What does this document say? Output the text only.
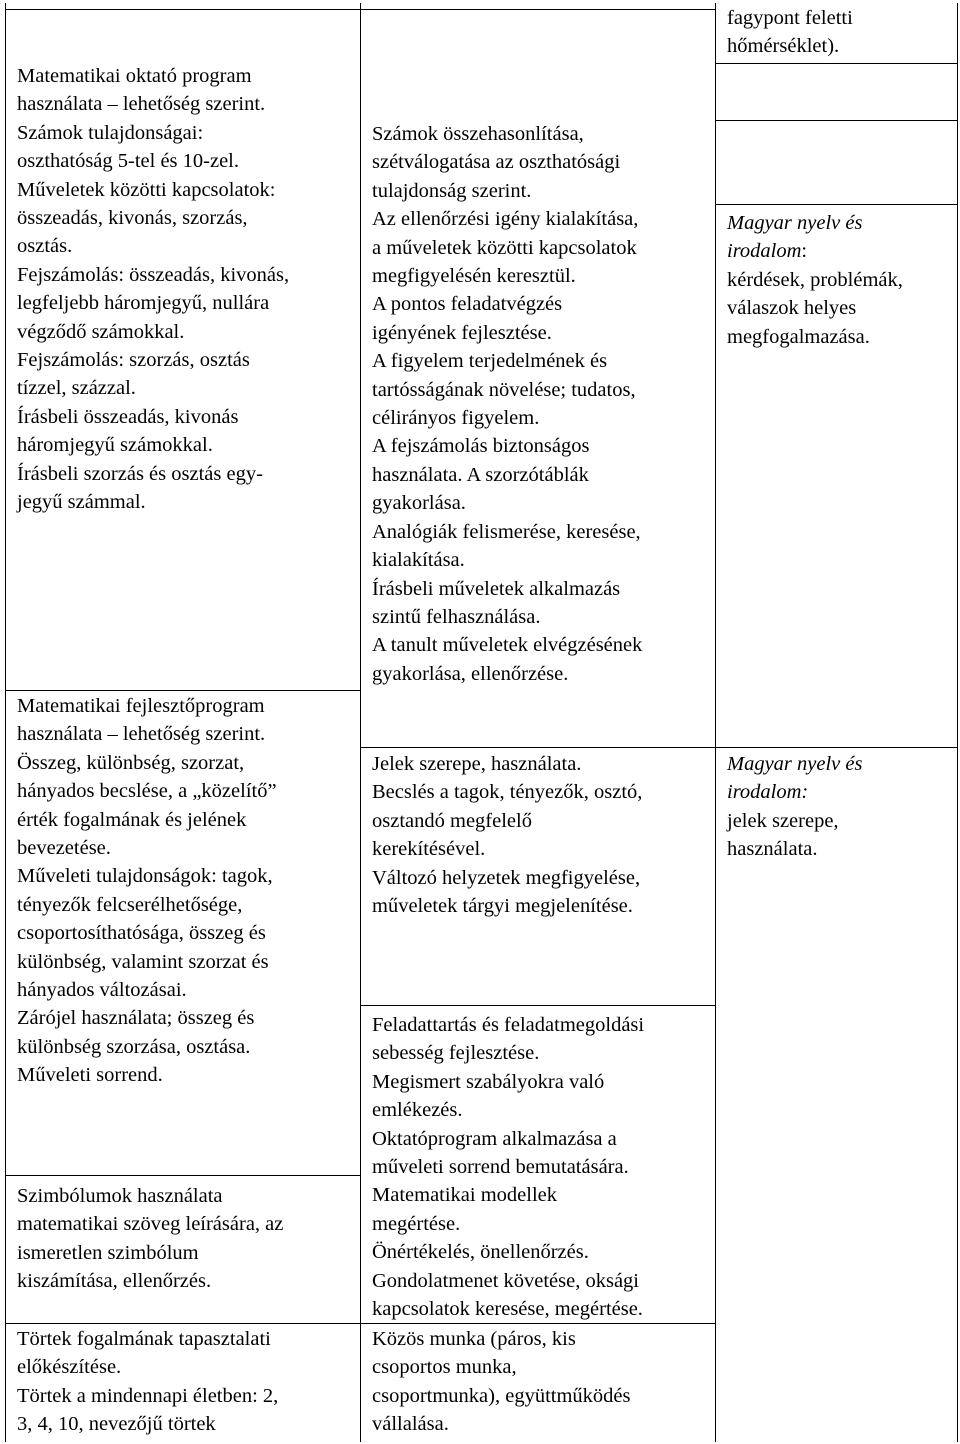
Matematikai oktató program
használata – lehetőség szerint.

Számok tulajdonságai:
oszthatóság 5-tel és 10-zel.

Műveletek közötti kapcsolatok:
összeadás, kivonás, szorzás,
osztás.

Fejszámolás: összeadás, kivonás,
legfeljebb háromjegyű, nullára
végződő számokkal.

Fejszámolás: szorzás, osztás
tízzel, százzal.

Írásbeli összeadás, kivonás
háromjegyű számokkal.

Írásbeli szorzás és osztás egy-
jegyű számmal.

Matematikai fejlesztőprogram
használata – lehetőség szerint.

Összeg, különbség, szorzat,
hányados becslése, a „közelítő”
érték fogalmának és jelének
bevezetése.

Műveleti tulajdonságok: tagok,
tényezők felcserélhetősége,
csoportosíthatósága, összeg és
különbség, valamint szorzat és
hányados változásai.

Zárójel használata; összeg és
különbség szorzása, osztása.
Műveleti sorrend.

Szimbólumok használata
matematikai szöveg leírására, az
ismeretlen szimbólum
kiszámítása, ellenőrzés.

Törtek fogalmának tapasztalati
előkészítése.

Törtek a mindennapi életben: 2,
3, 4, 10, nevezőjű törtek

Számok összehasonlítása,
szétválogatása az oszthatósági
tulajdonság szerint.

Az ellenőrzési igény kialakítása,
a műveletek közötti kapcsolatok
megfigyelésén keresztül.

A pontos feladatvégzés
igényének fejlesztése.

A figyelem terjedelmének és
tartósságának növelése; tudatos,
célirányos figyelem.

A fejszámolás biztonságos
használata. A szorzótáblák
gyakorlása.

Analógiák felismerése, keresése,
kialakítása.

Írásbeli műveletek alkalmazás
szintű felhasználása.

A tanult műveletek elvégzésének
gyakorlása, ellenőrzése.

Jelek szerepe, használata.

Becslés a tagok, tényezők, osztó,
osztandó megfelelő
kerekítésével.

Változó helyzetek megfigyelése,
műveletek tárgyi megjelenítése.

Feladattartás és feladatmegoldási
sebesség fejlesztése.

Megismert szabályokra való
emlékezés.

Oktatóprogram alkalmazása a
műveleti sorrend bemutatására.

Matematikai modellek
megértése.

Önértékelés, önellenőrzés.

Gondolatmenet követése, oksági
kapcsolatok keresése, megértése.

Közös munka (páros, kis
csoportos munka,
csoportmunka), együttműködés
vállalása.

fagypont feletti
hőmérséklet).

Magyar nyelv és
irodalom:

kérdések, problémák,
válaszok helyes
megfogalmazása.

Magyar nyelv és
irodalom:

jelek szerepe,
használata.
